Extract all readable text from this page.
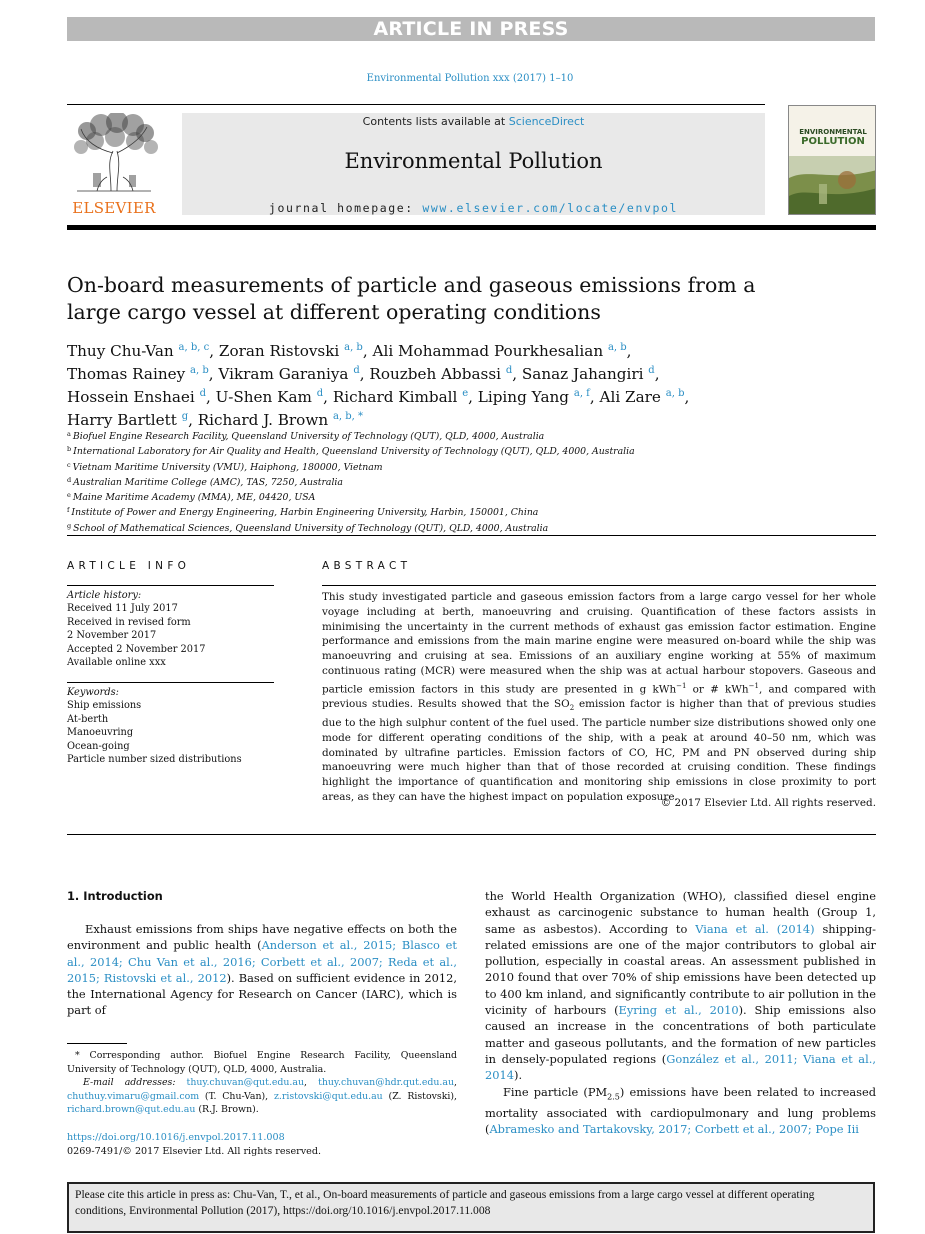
ARTICLE IN PRESS
Environmental Pollution xxx (2017) 1–10
ELSEVIER
Contents lists available at ScienceDirect
Environmental Pollution
journal homepage: www.elsevier.com/locate/envpol
ENVIRONMENTAL
POLLUTION
On-board measurements of particle and gaseous emissions from a large cargo vessel at different operating conditions
Thuy Chu-Van $^{a, b, c}$, Zoran Ristovski $^{a, b}$, Ali Mohammad Pourkhesalian $^{a, b}$,
Thomas Rainey $^{a, b}$, Vikram Garaniya $^d$, Rouzbeh Abbassi $^d$, Sanaz Jahangiri $^d$,
Hossein Enshaei $^d$, U-Shen Kam $^d$, Richard Kimball $^e$, Liping Yang $^{a, f}$, Ali Zare $^{a, b}$,
Harry Bartlett $^g$, Richard J. Brown $^{a, b, *}$
$^a$ Biofuel Engine Research Facility, Queensland University of Technology (QUT), QLD, 4000, Australia
$^b$ International Laboratory for Air Quality and Health, Queensland University of Technology (QUT), QLD, 4000, Australia
$^c$ Vietnam Maritime University (VMU), Haiphong, 180000, Vietnam
$^d$ Australian Maritime College (AMC), TAS, 7250, Australia
$^e$ Maine Maritime Academy (MMA), ME, 04420, USA
$^f$ Institute of Power and Energy Engineering, Harbin Engineering University, Harbin, 150001, China
$^g$ School of Mathematical Sciences, Queensland University of Technology (QUT), QLD, 4000, Australia
ARTICLE INFO
Article history:
Received 11 July 2017
Received in revised form
2 November 2017
Accepted 2 November 2017
Available online xxx
Keywords:
Ship emissions
At-berth
Manoeuvring
Ocean-going
Particle number sized distributions
ABSTRACT
This study investigated particle and gaseous emission factors from a large cargo vessel for her whole voyage including at berth, manoeuvring and cruising. Quantification of these factors assists in minimising the uncertainty in the current methods of exhaust gas emission factor estimation. Engine performance and emissions from the main marine engine were measured on-board while the ship was manoeuvring and cruising at sea. Emissions of an auxiliary engine working at 55% of maximum continuous rating (MCR) were measured when the ship was at actual harbour stopovers. Gaseous and particle emission factors in this study are presented in g kWh$^{-1}$ or # kWh$^{-1}$, and compared with previous studies. Results showed that the $SO_2$ emission factor is higher than that of previous studies due to the high sulphur content of the fuel used. The particle number size distributions showed only one mode for different operating conditions of the ship, with a peak at around 40–50 nm, which was dominated by ultrafine particles. Emission factors of CO, HC, PM and PN observed during ship manoeuvring were much higher than that of those recorded at cruising condition. These findings highlight the importance of quantification and monitoring ship emissions in close proximity to port areas, as they can have the highest impact on population exposure.
© 2017 Elsevier Ltd. All rights reserved.
1. Introduction
Exhaust emissions from ships have negative effects on both the environment and public health (Anderson et al., 2015; Blasco et al., 2014; Chu Van et al., 2016; Corbett et al., 2007; Reda et al., 2015; Ristovski et al., 2012). Based on sufficient evidence in 2012, the International Agency for Research on Cancer (IARC), which is part of
* Corresponding author. Biofuel Engine Research Facility, Queensland University of Technology (QUT), QLD, 4000, Australia.
E-mail addresses: thuy.chuvan@qut.edu.au, thuy.chuvan@hdr.qut.edu.au, chuthuy.vimaru@gmail.com (T. Chu-Van), z.ristovski@qut.edu.au (Z. Ristovski), richard.brown@qut.edu.au (R.J. Brown).
https://doi.org/10.1016/j.envpol.2017.11.008
0269-7491/© 2017 Elsevier Ltd. All rights reserved.
the World Health Organization (WHO), classified diesel engine exhaust as carcinogenic substance to human health (Group 1, same as asbestos). According to Viana et al. (2014) shipping-related emissions are one of the major contributors to global air pollution, especially in coastal areas. An assessment published in 2010 found that over 70% of ship emissions have been detected up to 400 km inland, and significantly contribute to air pollution in the vicinity of harbours (Eyring et al., 2010). Ship emissions also caused an increase in the concentrations of both particulate matter and gaseous pollutants, and the formation of new particles in densely-populated regions (González et al., 2011; Viana et al., 2014).
Fine particle $(PM_{2.5})$ emissions have been related to increased mortality associated with cardiopulmonary and lung problems (Abramesko and Tartakovsky, 2017; Corbett et al., 2007; Pope Iii
Please cite this article in press as: Chu-Van, T., et al., On-board measurements of particle and gaseous emissions from a large cargo vessel at different operating conditions, Environmental Pollution (2017), https://doi.org/10.1016/j.envpol.2017.11.008
